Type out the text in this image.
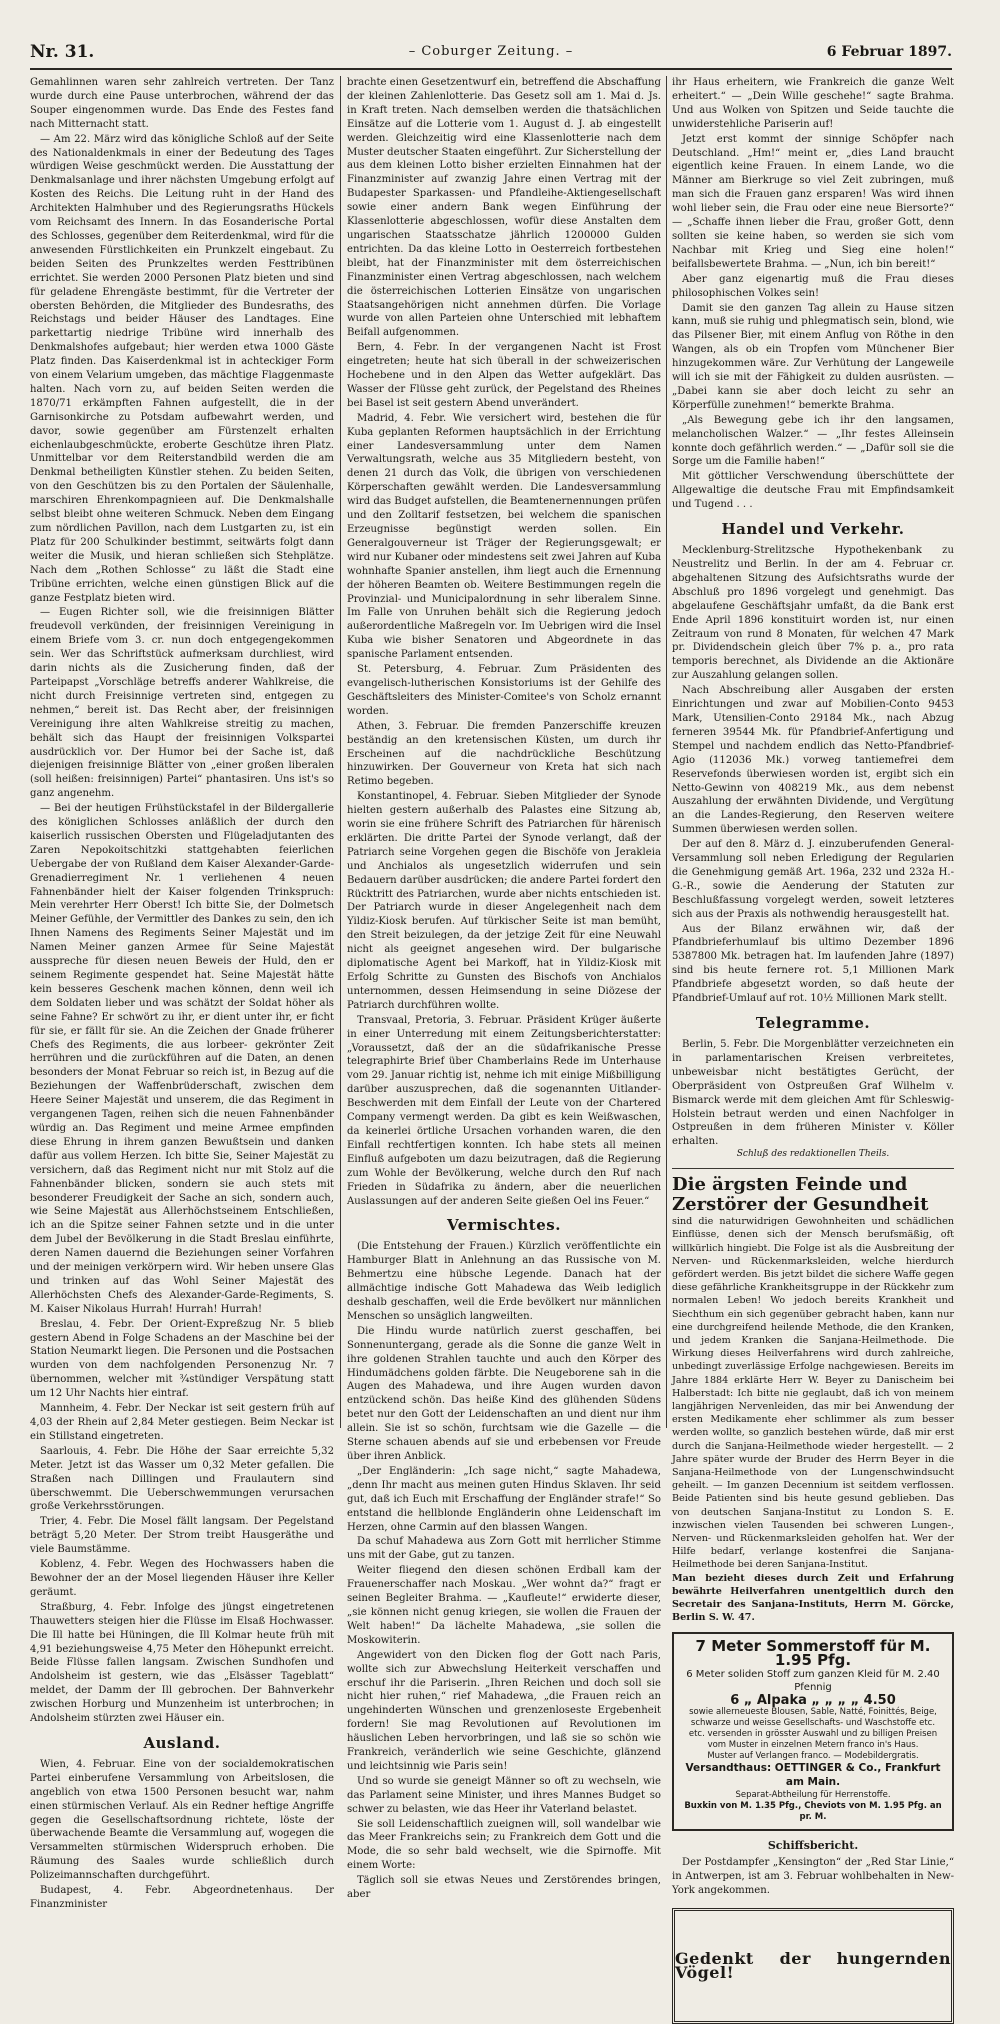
Nr. 31.	– Coburger Zeitung. –	6 Februar 1897.

Gemahlinnen waren sehr zahlreich vertreten. Der Tanz wurde durch eine Pause unterbrochen, während der das Souper eingenommen wurde. Das Ende des Festes fand nach Mitternacht statt.

— Am 22. März wird das königliche Schloß auf der Seite des Nationaldenkmals in einer der Bedeutung des Tages würdigen Weise geschmückt werden. Die Ausstattung der Denkmalsanlage und ihrer nächsten Umgebung erfolgt auf Kosten des Reichs. Die Leitung ruht in der Hand des Architekten Halmhuber und des Regierungsraths Hückels vom Reichsamt des Innern. In das Eosanderische Portal des Schlosses, gegenüber dem Reiterdenkmal, wird für die anwesenden Fürstlichkeiten ein Prunkzelt eingebaut. Zu beiden Seiten des Prunkzeltes werden Festtribünen errichtet. Sie werden 2000 Personen Platz bieten und sind für geladene Ehrengäste bestimmt, für die Vertreter der obersten Behörden, die Mitglieder des Bundesraths, des Reichstags und beider Häuser des Landtages. Eine parkettartig niedrige Tribüne wird innerhalb des Denkmalshofes aufgebaut; hier werden etwa 1000 Gäste Platz finden. Das Kaiserdenkmal ist in achteckiger Form von einem Velarium umgeben, das mächtige Flaggenmaste halten. Nach vorn zu, auf beiden Seiten werden die 1870/71 erkämpften Fahnen aufgestellt, die in der Garnisonkirche zu Potsdam aufbewahrt werden, und davor, sowie gegenüber am Fürstenzelt erhalten eichenlaubgeschmückte, eroberte Geschütze ihren Platz. Unmittelbar vor dem Reiterstandbild werden die am Denkmal betheiligten Künstler stehen. Zu beiden Seiten, von den Geschützen bis zu den Portalen der Säulenhalle, marschiren Ehrenkompagnieen auf. Die Denkmalshalle selbst bleibt ohne weiteren Schmuck. Neben dem Eingang zum nördlichen Pavillon, nach dem Lustgarten zu, ist ein Platz für 200 Schulkinder bestimmt, seitwärts folgt dann weiter die Musik, und hieran schließen sich Stehplätze. Nach dem „Rothen Schlosse“ zu läßt die Stadt eine Tribüne errichten, welche einen günstigen Blick auf die ganze Festplatz bieten wird.

— Eugen Richter soll, wie die freisinnigen Blätter freudevoll verkünden, der freisinnigen Vereinigung in einem Briefe vom 3. cr. nun doch entgegengekommen sein. Wer das Schriftstück aufmerksam durchliest, wird darin nichts als die Zusicherung finden, daß der Parteipapst „Vorschläge betreffs anderer Wahlkreise, die nicht durch Freisinnige vertreten sind, entgegen zu nehmen,“ bereit ist. Das Recht aber, der freisinnigen Vereinigung ihre alten Wahlkreise streitig zu machen, behält sich das Haupt der freisinnigen Volkspartei ausdrücklich vor. Der Humor bei der Sache ist, daß diejenigen freisinnige Blätter von „einer großen liberalen (soll heißen: freisinnigen) Partei“ phantasiren. Uns ist's so ganz angenehm.

— Bei der heutigen Frühstückstafel in der Bildergallerie des königlichen Schlosses anläßlich der durch den kaiserlich russischen Obersten und Flügeladjutanten des Zaren Nepokoitschitzki stattgehabten feierlichen Uebergabe der von Rußland dem Kaiser Alexander-Garde-Grenadierregiment Nr. 1 verliehenen 4 neuen Fahnenbänder hielt der Kaiser folgenden Trinkspruch: Mein verehrter Herr Oberst! Ich bitte Sie, der Dolmetsch Meiner Gefühle, der Vermittler des Dankes zu sein, den ich Ihnen Namens des Regiments Seiner Majestät und im Namen Meiner ganzen Armee für Seine Majestät ausspreche für diesen neuen Beweis der Huld, den er seinem Regimente gespendet hat. Seine Majestät hätte kein besseres Geschenk machen können, denn weil ich dem Soldaten lieber und was schätzt der Soldat höher als seine Fahne? Er schwört zu ihr, er dient unter ihr, er ficht für sie, er fällt für sie. An die Zeichen der Gnade früherer Chefs des Regiments, die aus lorbeer- gekrönter Zeit herrühren und die zurückführen auf die Daten, an denen besonders der Monat Februar so reich ist, in Bezug auf die Beziehungen der Waffenbrüderschaft, zwischen dem Heere Seiner Majestät und unserem, die das Regiment in vergangenen Tagen, reihen sich die neuen Fahnenbänder würdig an. Das Regiment und meine Armee empfinden diese Ehrung in ihrem ganzen Bewußtsein und danken dafür aus vollem Herzen. Ich bitte Sie, Seiner Majestät zu versichern, daß das Regiment nicht nur mit Stolz auf die Fahnenbänder blicken, sondern sie auch stets mit besonderer Freudigkeit der Sache an sich, sondern auch, wie Seine Majestät aus Allerhöchstseinem Entschließen, ich an die Spitze seiner Fahnen setzte und in die unter dem Jubel der Bevölkerung in die Stadt Breslau einführte, deren Namen dauernd die Beziehungen seiner Vorfahren und der meinigen verkörpern wird. Wir heben unsere Glas und trinken auf das Wohl Seiner Majestät des Allerhöchsten Chefs des Alexander-Garde-Regiments, S. M. Kaiser Nikolaus Hurrah! Hurrah! Hurrah!

Breslau, 4. Febr. Der Orient-Expreßzug Nr. 5 blieb gestern Abend in Folge Schadens an der Maschine bei der Station Neumarkt liegen. Die Personen und die Postsachen wurden von dem nachfolgenden Personenzug Nr. 7 übernommen, welcher mit ¾stündiger Verspätung statt um 12 Uhr Nachts hier eintraf.

Mannheim, 4. Febr. Der Neckar ist seit gestern früh auf 4,03 der Rhein auf 2,84 Meter gestiegen. Beim Neckar ist ein Stillstand eingetreten.

Saarlouis, 4. Febr. Die Höhe der Saar erreichte 5,32 Meter. Jetzt ist das Wasser um 0,32 Meter gefallen. Die Straßen nach Dillingen und Fraulautern sind überschwemmt. Die Ueberschwemmungen verursachen große Verkehrsstörungen.

Trier, 4. Febr. Die Mosel fällt langsam. Der Pegelstand beträgt 5,20 Meter. Der Strom treibt Hausgeräthe und viele Baumstämme.

Koblenz, 4. Febr. Wegen des Hochwassers haben die Bewohner der an der Mosel liegenden Häuser ihre Keller geräumt.

Straßburg, 4. Febr. Infolge des jüngst eingetretenen Thauwetters steigen hier die Flüsse im Elsaß Hochwasser. Die Ill hatte bei Hüningen, die Ill Kolmar heute früh mit 4,91 beziehungsweise 4,75 Meter den Höhepunkt erreicht. Beide Flüsse fallen langsam. Zwischen Sundhofen und Andolsheim ist gestern, wie das „Elsässer Tageblatt“ meldet, der Damm der Ill gebrochen. Der Bahnverkehr zwischen Horburg und Munzenheim ist unterbrochen; in Andolsheim stürzten zwei Häuser ein.

Ausland.

Wien, 4. Februar. Eine von der socialdemokratischen Partei einberufene Versammlung von Arbeitslosen, die angeblich von etwa 1500 Personen besucht war, nahm einen stürmischen Verlauf. Als ein Redner heftige Angriffe gegen die Gesellschaftsordnung richtete, löste der überwachende Beamte die Versammlung auf, wogegen die Versammelten stürmischen Widerspruch erhoben. Die Räumung des Saales wurde schließlich durch Polizeimannschaften durchgeführt.

Budapest, 4. Febr. Abgeordnetenhaus. Der Finanzminister

brachte einen Gesetzentwurf ein, betreffend die Abschaffung der kleinen Zahlenlotterie. Das Gesetz soll am 1. Mai d. Js. in Kraft treten. Nach demselben werden die thatsächlichen Einsätze auf die Lotterie vom 1. August d. J. ab eingestellt werden. Gleichzeitig wird eine Klassenlotterie nach dem Muster deutscher Staaten eingeführt. Zur Sicherstellung der aus dem kleinen Lotto bisher erzielten Einnahmen hat der Finanzminister auf zwanzig Jahre einen Vertrag mit der Budapester Sparkassen- und Pfandleihe-Aktiengesellschaft sowie einer andern Bank wegen Einführung der Klassenlotterie abgeschlossen, wofür diese Anstalten dem ungarischen Staatsschatze jährlich 1200000 Gulden entrichten. Da das kleine Lotto in Oesterreich fortbestehen bleibt, hat der Finanzminister mit dem österreichischen Finanzminister einen Vertrag abgeschlossen, nach welchem die österreichischen Lotterien Einsätze von ungarischen Staatsangehörigen nicht annehmen dürfen. Die Vorlage wurde von allen Parteien ohne Unterschied mit lebhaftem Beifall aufgenommen.

Bern, 4. Febr. In der vergangenen Nacht ist Frost eingetreten; heute hat sich überall in der schweizerischen Hochebene und in den Alpen das Wetter aufgeklärt. Das Wasser der Flüsse geht zurück, der Pegelstand des Rheines bei Basel ist seit gestern Abend unverändert.

Madrid, 4. Febr. Wie versichert wird, bestehen die für Kuba geplanten Reformen hauptsächlich in der Errichtung einer Landesversammlung unter dem Namen Verwaltungsrath, welche aus 35 Mitgliedern besteht, von denen 21 durch das Volk, die übrigen von verschiedenen Körperschaften gewählt werden. Die Landesversammlung wird das Budget aufstellen, die Beamtenernennungen prüfen und den Zolltarif festsetzen, bei welchem die spanischen Erzeugnisse begünstigt werden sollen. Ein Generalgouverneur ist Träger der Regierungsgewalt; er wird nur Kubaner oder mindestens seit zwei Jahren auf Kuba wohnhafte Spanier anstellen, ihm liegt auch die Ernennung der höheren Beamten ob. Weitere Bestimmungen regeln die Provinzial- und Municipalordnung in sehr liberalem Sinne. Im Falle von Unruhen behält sich die Regierung jedoch außerordentliche Maßregeln vor. Im Uebrigen wird die Insel Kuba wie bisher Senatoren und Abgeordnete in das spanische Parlament entsenden.

St. Petersburg, 4. Februar. Zum Präsidenten des evangelisch-lutherischen Konsistoriums ist der Gehilfe des Geschäftsleiters des Minister-Comitee's von Scholz ernannt worden.

Athen, 3. Februar. Die fremden Panzerschiffe kreuzen beständig an den kretensischen Küsten, um durch ihr Erscheinen auf die nachdrückliche Beschützung hinzuwirken. Der Gouverneur von Kreta hat sich nach Retimo begeben.

Konstantinopel, 4. Februar. Sieben Mitglieder der Synode hielten gestern außerhalb des Palastes eine Sitzung ab, worin sie eine frühere Schrift des Patriarchen für härenisch erklärten. Die dritte Partei der Synode verlangt, daß der Patriarch seine Vorgehen gegen die Bischöfe von Jerakleia und Anchialos als ungesetzlich widerrufen und sein Bedauern darüber ausdrücken; die andere Partei fordert den Rücktritt des Patriarchen, wurde aber nichts entschieden ist. Der Patriarch wurde in dieser Angelegenheit nach dem Yildiz-Kiosk berufen. Auf türkischer Seite ist man bemüht, den Streit beizulegen, da der jetzige Zeit für eine Neuwahl nicht als geeignet angesehen wird. Der bulgarische diplomatische Agent bei Markoff, hat in Yildiz-Kiosk mit Erfolg Schritte zu Gunsten des Bischofs von Anchialos unternommen, dessen Heimsendung in seine Diözese der Patriarch durchführen wollte.

Transvaal, Pretoria, 3. Februar. Präsident Krüger äußerte in einer Unterredung mit einem Zeitungsberichterstatter: „Voraussetzt, daß der an die südafrikanische Presse telegraphirte Brief über Chamberlains Rede im Unterhause vom 29. Januar richtig ist, nehme ich mit einige Mißbilligung darüber auszusprechen, daß die sogenannten Uitlander-Beschwerden mit dem Einfall der Leute von der Chartered Company vermengt werden. Da gibt es kein Weißwaschen, da keinerlei örtliche Ursachen vorhanden waren, die den Einfall rechtfertigen konnten. Ich habe stets all meinen Einfluß aufgeboten um dazu beizutragen, daß die Regierung zum Wohle der Bevölkerung, welche durch den Ruf nach Frieden in Südafrika zu ändern, aber die neuerlichen Auslassungen auf der anderen Seite gießen Oel ins Feuer.“

Vermischtes.

(Die Entstehung der Frauen.) Kürzlich veröffentlichte ein Hamburger Blatt in Anlehnung an das Russische von M. Behmertzu eine hübsche Legende. Danach hat der allmächtige indische Gott Mahadewa das Weib lediglich deshalb geschaffen, weil die Erde bevölkert nur männlichen Menschen so unsäglich langweilten.

Die Hindu wurde natürlich zuerst geschaffen, bei Sonnenuntergang, gerade als die Sonne die ganze Welt in ihre goldenen Strahlen tauchte und auch den Körper des Hindumädchens golden färbte. Die Neugeborene sah in die Augen des Mahadewa, und ihre Augen wurden davon entzückend schön. Das heiße Kind des glühenden Südens betet nur den Gott der Leidenschaften an und dient nur ihm allein. Sie ist so schön, furchtsam wie die Gazelle — die Sterne schauen abends auf sie und erbebensen vor Freude über ihren Anblick.

„Der Engländerin: „Ich sage nicht,“ sagte Mahadewa, „denn Ihr macht aus meinen guten Hindus Sklaven. Ihr seid gut, daß ich Euch mit Erschaffung der Engländer strafe!“ So entstand die hellblonde Engländerin ohne Leidenschaft im Herzen, ohne Carmin auf den blassen Wangen.

Da schuf Mahadewa aus Zorn Gott mit herrlicher Stimme uns mit der Gabe, gut zu tanzen.

Weiter fliegend den diesen schönen Erdball kam der Frauenerschaffer nach Moskau. „Wer wohnt da?“ fragt er seinen Begleiter Brahma. — „Kaufleute!“ erwiderte dieser, „sie können nicht genug kriegen, sie wollen die Frauen der Welt haben!“ Da lächelte Mahadewa, „sie sollen die Moskowiterin.

Angewidert von den Dicken flog der Gott nach Paris, wollte sich zur Abwechslung Heiterkeit verschaffen und erschuf ihr die Pariserin. „Ihren Reichen und doch soll sie nicht hier ruhen,“ rief Mahadewa, „die Frauen reich an ungehinderten Wünschen und grenzenloseste Ergebenheit fordern! Sie mag Revolutionen auf Revolutionen im häuslichen Leben hervorbringen, und laß sie so schön wie Frankreich, veränderlich wie seine Geschichte, glänzend und leichtsinnig wie Paris sein!

Und so wurde sie geneigt Männer so oft zu wechseln, wie das Parlament seine Minister, und ihres Mannes Budget so schwer zu belasten, wie das Heer ihr Vaterland belastet.

Sie soll Leidenschaftlich zueignen will, soll wandelbar wie das Meer Frankreichs sein; zu Frankreich dem Gott und die Mode, die so sehr bald wechselt, wie die Spirnoffe. Mit einem Worte:

Täglich soll sie etwas Neues und Zerstörendes bringen, aber

ihr Haus erheitern, wie Frankreich die ganze Welt erheitert.“ — „Dein Wille geschehe!“ sagte Brahma. Und aus Wolken von Spitzen und Seide tauchte die unwiderstehliche Pariserin auf!

Jetzt erst kommt der sinnige Schöpfer nach Deutschland. „Hm!“ meint er, „dies Land braucht eigentlich keine Frauen. In einem Lande, wo die Männer am Bierkruge so viel Zeit zubringen, muß man sich die Frauen ganz ersparen! Was wird ihnen wohl lieber sein, die Frau oder eine neue Biersorte?“ — „Schaffe ihnen lieber die Frau, großer Gott, denn sollten sie keine haben, so werden sie sich vom Nachbar mit Krieg und Sieg eine holen!“ beifallsbewertete Brahma. — „Nun, ich bin bereit!“

Aber ganz eigenartig muß die Frau dieses philosophischen Volkes sein!

Damit sie den ganzen Tag allein zu Hause sitzen kann, muß sie ruhig und phlegmatisch sein, blond, wie das Pilsener Bier, mit einem Anflug von Röthe in den Wangen, als ob ein Tropfen vom Münchener Bier hinzugekommen wäre. Zur Verhütung der Langeweile will ich sie mit der Fähigkeit zu dulden ausrüsten. — „Dabei kann sie aber doch leicht zu sehr an Körperfülle zunehmen!“ bemerkte Brahma.

„Als Bewegung gebe ich ihr den langsamen, melancholischen Walzer.“ — „Ihr festes Alleinsein konnte doch gefährlich werden.“ — „Dafür soll sie die Sorge um die Familie haben!“

Mit göttlicher Verschwendung überschüttete der Allgewaltige die deutsche Frau mit Empfindsamkeit und Tugend . . .

Handel und Verkehr.

Mecklenburg-Strelitzsche Hypothekenbank zu Neustrelitz und Berlin. In der am 4. Februar cr. abgehaltenen Sitzung des Aufsichtsraths wurde der Abschluß pro 1896 vorgelegt und genehmigt. Das abgelaufene Geschäftsjahr umfaßt, da die Bank erst Ende April 1896 konstituirt worden ist, nur einen Zeitraum von rund 8 Monaten, für welchen 47 Mark pr. Dividendschein gleich über 7% p. a., pro rata temporis berechnet, als Dividende an die Aktionäre zur Auszahlung gelangen sollen.

Nach Abschreibung aller Ausgaben der ersten Einrichtungen und zwar auf Mobilien-Conto 9453 Mark, Utensilien-Conto 29184 Mk., nach Abzug ferneren 39544 Mk. für Pfandbrief-Anfertigung und Stempel und nachdem endlich das Netto-Pfandbrief-Agio (112036 Mk.) vorweg tantiemefrei dem Reservefonds überwiesen worden ist, ergibt sich ein Netto-Gewinn von 408219 Mk., aus dem nebenst Auszahlung der erwähnten Dividende, und Vergütung an die Landes-Regierung, den Reserven weitere Summen überwiesen werden sollen.

Der auf den 8. März d. J. einzuberufenden General-Versammlung soll neben Erledigung der Regularien die Genehmigung gemäß Art. 196a, 232 und 232a H.-G.-R., sowie die Aenderung der Statuten zur Beschlußfassung vorgelegt werden, soweit letzteres sich aus der Praxis als nothwendig herausgestellt hat.

Aus der Bilanz erwähnen wir, daß der Pfandbrieferhumlauf bis ultimo Dezember 1896 5387800 Mk. betragen hat. Im laufenden Jahre (1897) sind bis heute fernere rot. 5,1 Millionen Mark Pfandbriefe abgesetzt worden, so daß heute der Pfandbrief-Umlauf auf rot. 10½ Millionen Mark stellt.

Telegramme.

Berlin, 5. Febr. Die Morgenblätter verzeichneten ein in parlamentarischen Kreisen verbreitetes, unbeweisbar nicht bestätigtes Gerücht, der Oberpräsident von Ostpreußen Graf Wilhelm v. Bismarck werde mit dem gleichen Amt für Schleswig-Holstein betraut werden und einen Nachfolger in Ostpreußen in dem früheren Minister v. Köller erhalten.

Schluß des redaktionellen Theils.
Die ärgsten Feinde und Zerstörer der Gesundheit
sind die naturwidrigen Gewohnheiten und schädlichen Einflüsse, denen sich der Mensch berufsmäßig, oft willkürlich hingiebt. Die Folge ist als die Ausbreitung der Nerven- und Rückenmarksleiden, welche hierdurch gefördert werden. Bis jetzt bildet die sichere Waffe gegen diese gefährliche Krankheitsgruppe in der Rückkehr zum normalen Leben! Wo jedoch bereits Krankheit und Siechthum ein sich gegenüber gebracht haben, kann nur eine durchgreifend heilende Methode, die den Kranken, und jedem Kranken die Sanjana-Heilmethode. Die Wirkung dieses Heilverfahrens wird durch zahlreiche, unbedingt zuverlässige Erfolge nachgewiesen. Bereits im Jahre 1884 erklärte Herr W. Beyer zu Danischeim bei Halberstadt: Ich bitte nie geglaubt, daß ich von meinem langjährigen Nervenleiden, das mir bei Anwendung der ersten Medikamente eher schlimmer als zum besser werden wollte, so ganzlich bestehen würde, daß mir erst durch die Sanjana-Heilmethode wieder hergestellt. — 2 Jahre später wurde der Bruder des Herrn Beyer in die Sanjana-Heilmethode von der Lungenschwindsucht geheilt. — Im ganzen Decennium ist seitdem verflossen. Beide Patienten sind bis heute gesund geblieben. Das von deutschen Sanjana-Institut zu London S. E. inzwischen vielen Tausenden bei schweren Lungen-, Nerven- und Rückenmarksleiden geholfen hat. Wer der Hilfe bedarf, verlange kostenfrei die Sanjana-Heilmethode bei deren Sanjana-Institut.
Man bezieht dieses durch Zeit und Erfahrung bewährte Heilverfahren unentgeltlich durch den Secretair des Sanjana-Instituts, Herrn M. Görcke, Berlin S. W. 47.
7 Meter Sommerstoff für M. 1.95 Pfg.
6 Meter soliden Stoff zum ganzen Kleid für M. 2.40 Pfennig
6 „ Alpaka „ „ „ „ 4.50
sowie allerneueste Blousen, Sable, Natté, Foinittés, Beige, schwarze und weisse Gesellschafts- und Waschstoffe etc. etc. versenden in grösster Auswahl und zu billigen Preisen vom Muster in einzelnen Metern franco in's Haus.
Muster auf Verlangen franco. — Modebildergratis.
Versandthaus: OETTINGER & Co., Frankfurt am Main.
Separat-Abtheilung für Herrenstoffe.
Buxkin von M. 1.35 Pfg., Cheviots von M. 1.95 Pfg. an pr. M.
Schiffsbericht.

Der Postdampfer „Kensington“ der „Red Star Linie,“ in Antwerpen, ist am 3. Februar wohlbehalten in New-York angekommen.

Gedenkt der hungernden Vögel!
